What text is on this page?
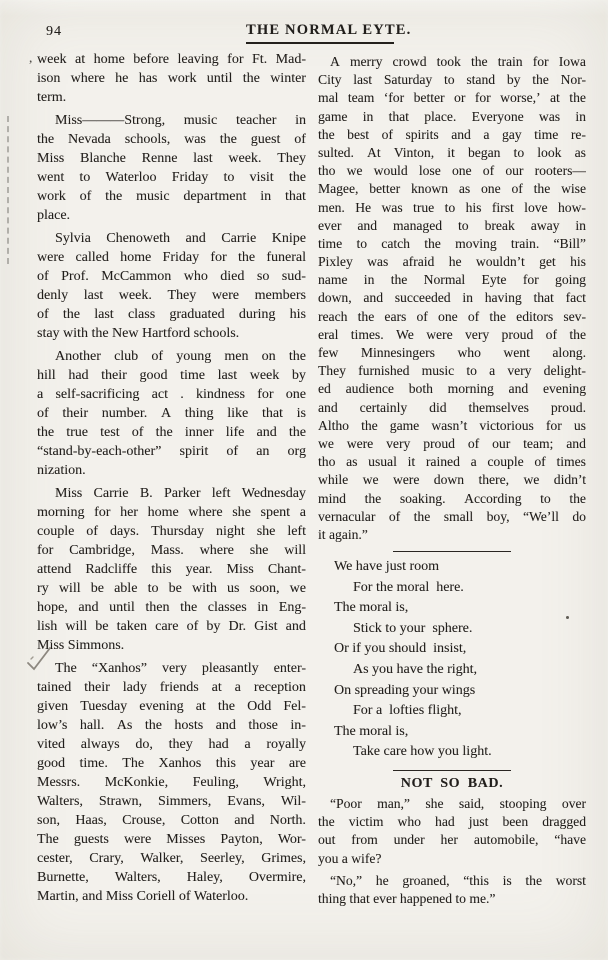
94	THE NORMAL EYTE.
week at home before leaving for Ft. Mad-
ison where he has work until the winter
term.
Miss———Strong, music teacher in
the Nevada schools, was the guest of
Miss Blanche Renne last week. They
went to Waterloo Friday to visit the
work of the music department in that
place.
Sylvia Chenoweth and Carrie Knipe
were called home Friday for the funeral
of Prof. McCammon who died so sud-
denly last week. They were members
of the last class graduated during his
stay with the New Hartford schools.
Another club of young men on the
hill had their good time last week by
a self-sacrificing act . kindness for one
of their number. A thing like that is
the true test of the inner life and the
“stand-by-each-other” spirit of an org
nization.
Miss Carrie B. Parker left Wednesday
morning for her home where she spent a
couple of days. Thursday night she left
for Cambridge, Mass. where she will
attend Radcliffe this year. Miss Chant-
ry will be able to be with us soon, we
hope, and until then the classes in Eng-
lish will be taken care of by Dr. Gist and
Miss Simmons.
The “Xanhos” very pleasantly enter-
tained their lady friends at a reception
given Tuesday evening at the Odd Fel-
low’s hall. As the hosts and those in-
vited always do, they had a royally
good time. The Xanhos this year are
Messrs. McKonkie, Feuling, Wright,
Walters, Strawn, Simmers, Evans, Wil-
son, Haas, Crouse, Cotton and North.
The guests were Misses Payton, Wor-
cester, Crary, Walker, Seerley, Grimes,
Burnette, Walters, Haley, Overmire,
Martin, and Miss Coriell of Waterloo.
A merry crowd took the train for Iowa
City last Saturday to stand by the Nor-
mal team ‘for better or for worse,’ at the
game in that place. Everyone was in
the best of spirits and a gay time re-
sulted. At Vinton, it began to look as
tho we would lose one of our rooters—
Magee, better known as one of the wise
men. He was true to his first love how-
ever and managed to break away in
time to catch the moving train. “Bill”
Pixley was afraid he wouldn’t get his
name in the Normal Eyte for going
down, and succeeded in having that fact
reach the ears of one of the editors sev-
eral times. We were very proud of the
few Minnesingers who went along.
They furnished music to a very delight-
ed audience both morning and evening
and certainly did themselves proud.
Altho the game wasn’t victorious for us
we were very proud of our team; and
tho as usual it rained a couple of times
while we were down there, we didn’t
mind the soaking. According to the
vernacular of the small boy, “We’ll do
it again.”
We have just room
For the moral  here.
The moral is,
Stick to your  sphere.
Or if you should  insist,
As you have the right,
On spreading your wings
For a  lofties flight,
The moral is,
Take care how you light.
NOT SO BAD.
“Poor man,” she said, stooping over
the victim who had just been dragged
out from under her automobile, “have
you a wife?
“No,” he groaned, “this is the worst
thing that ever happened to me.”
,
